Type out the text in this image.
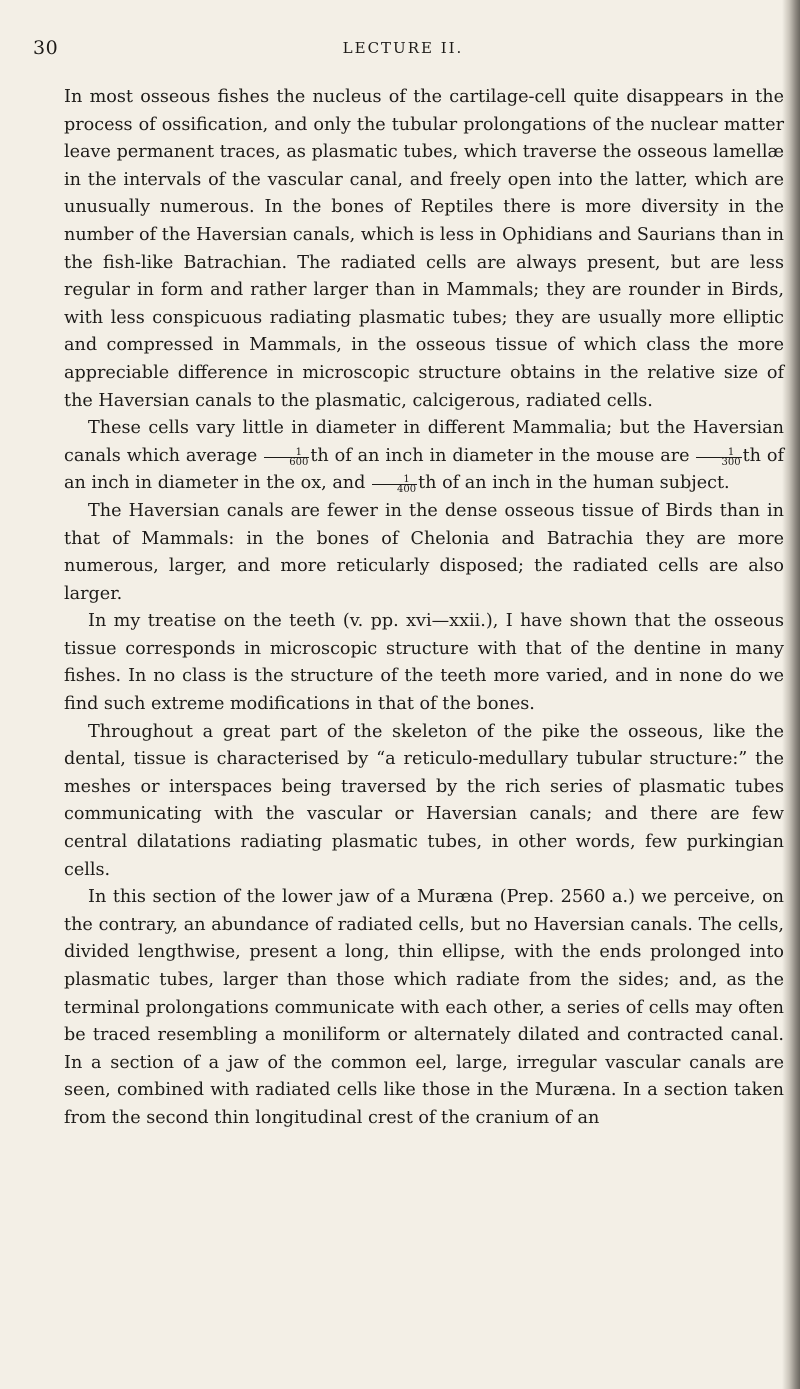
30	LECTURE II.

In most osseous fishes the nucleus of the cartilage-cell quite disappears in the process of ossification, and only the tubular prolongations of the nuclear matter leave permanent traces, as plasmatic tubes, which traverse the osseous lamellæ in the intervals of the vascular canal, and freely open into the latter, which are unusually numerous. In the bones of Reptiles there is more diversity in the number of the Haversian canals, which is less in Ophidians and Saurians than in the fish-like Batrachian. The radiated cells are always present, but are less regular in form and rather larger than in Mammals; they are rounder in Birds, with less conspicuous radiating plasmatic tubes; they are usually more elliptic and compressed in Mammals, in the osseous tissue of which class the more appreciable difference in microscopic structure obtains in the relative size of the Haversian canals to the plasmatic, calcigerous, radiated cells.

These cells vary little in diameter in different Mammalia; but the Haversian canals which average $\frac{1}{600}$ th of an inch in diameter in the mouse are $\frac{1}{300}$ th of an inch in diameter in the ox, and $\frac{1}{400}$ th of an inch in the human subject.

The Haversian canals are fewer in the dense osseous tissue of Birds than in that of Mammals: in the bones of Chelonia and Batrachia they are more numerous, larger, and more reticularly disposed; the radiated cells are also larger.

In my treatise on the teeth (v. pp. xvi—xxii.), I have shown that the osseous tissue corresponds in microscopic structure with that of the dentine in many fishes. In no class is the structure of the teeth more varied, and in none do we find such extreme modifications in that of the bones.

Throughout a great part of the skeleton of the pike the osseous, like the dental, tissue is characterised by “a reticulo-medullary tubular structure:” the meshes or interspaces being traversed by the rich series of plasmatic tubes communicating with the vascular or Haversian canals; and there are few central dilatations radiating plasmatic tubes, in other words, few purkingian cells.

In this section of the lower jaw of a Muræna (Prep. 2560 a.) we perceive, on the contrary, an abundance of radiated cells, but no Haversian canals. The cells, divided lengthwise, present a long, thin ellipse, with the ends prolonged into plasmatic tubes, larger than those which radiate from the sides; and, as the terminal prolongations communicate with each other, a series of cells may often be traced resembling a moniliform or alternately dilated and contracted canal. In a section of a jaw of the common eel, large, irregular vascular canals are seen, combined with radiated cells like those in the Muræna. In a section taken from the second thin longitudinal crest of the cranium of an
